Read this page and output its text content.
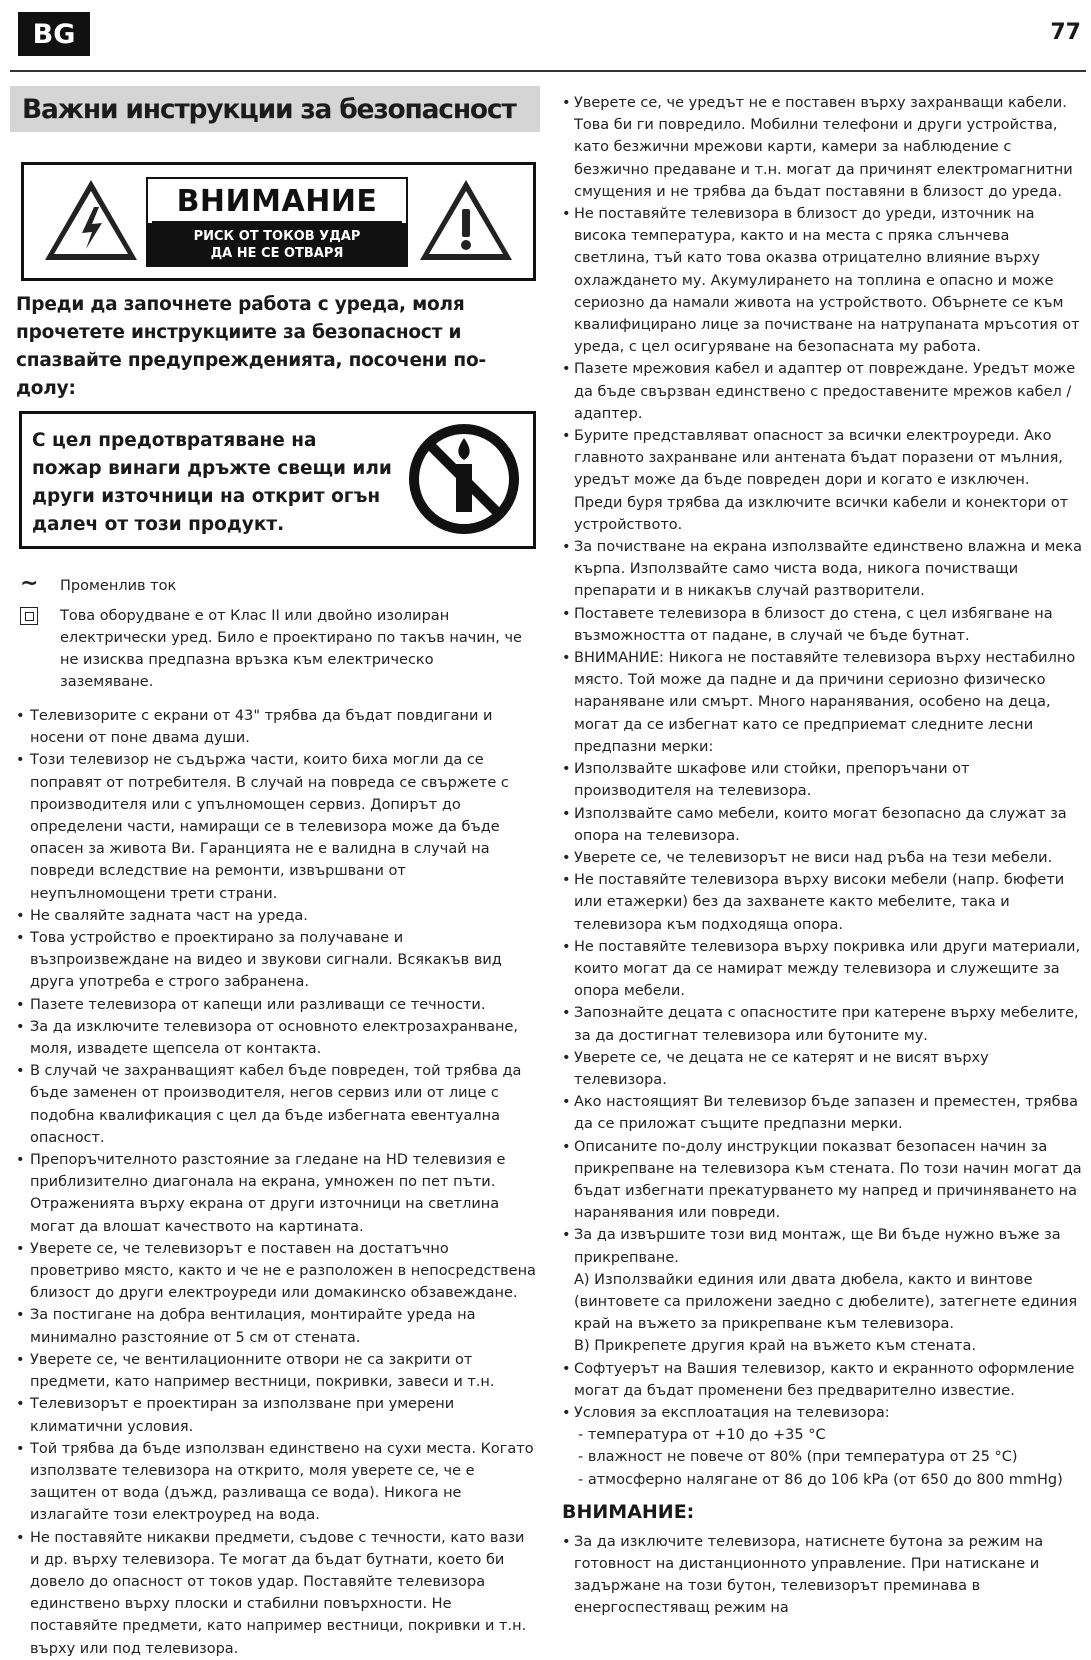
BG	77
Важни инструкции за безопасност
ВНИМАНИЕ
РИСК ОТ ТОКОВ УДАР
ДА НЕ СЕ ОТВАРЯ
Преди да започнете работа с уреда, моля прочетете инструкциите за безопасност и спазвайте предупрежденията, посочени по-долу:
С цел предотвратяване на пожар винаги дръжте свещи или други източници на открит огън далеч от този продукт.
~	Променлив ток
Това оборудване е от Клас II или двойно изолиран електрически уред. Било е проектирано по такъв начин, че не изисква предпазна връзка към електрическо заземяване.
• Телевизорите с екрани от 43" трябва да бъдат повдигани и носени от поне двама души.
• Този телевизор не съдържа части, които биха могли да се поправят от потребителя. В случай на повреда се свържете с производителя или с упълномощен сервиз. Допирът до определени части, намиращи се в телевизора може да бъде опасен за живота Ви. Гаранцията не е валидна в случай на повреди вследствие на ремонти, извършвани от неупълномощени трети страни.
• Не сваляйте задната част на уреда.
• Това устройство е проектирано за получаване и възпроизвеждане на видео и звукови сигнали. Всякакъв вид друга употреба е строго забранена.
• Пазете телевизора от капещи или разливащи се течности.
• За да изключите телевизора от основното електрозахранване, моля, извадете щепсела от контакта.
• В случай че захранващият кабел бъде повреден, той трябва да бъде заменен от производителя, негов сервиз или от лице с подобна квалификация с цел да бъде избегната евентуална опасност.
• Препоръчителното разстояние за гледане на HD телевизия е приблизително диагонала на екрана, умножен по пет пъти. Отраженията върху екрана от други източници на светлина могат да влошат качеството на картината.
• Уверете се, че телевизорът е поставен на достатъчно проветриво място, както и че не е разположен в непосредствена близост до други електроуреди или домакинско обзавеждане.
• За постигане на добра вентилация, монтирайте уреда на минимално разстояние от 5 см от стената.
• Уверете се, че вентилационните отвори не са закрити от предмети, като например вестници, покривки, завеси и т.н.
• Телевизорът е проектиран за използване при умерени климатични условия.
• Той трябва да бъде използван единствено на сухи места. Когато използвате телевизора на открито, моля уверете се, че е защитен от вода (дъжд, разливаща се вода). Никога не излагайте този електроуред на вода.
• Не поставяйте никакви предмети, съдове с течности, като вази и др. върху телевизора. Те могат да бъдат бутнати, което би довело до опасност от токов удар. Поставяйте телевизора единствено върху плоски и стабилни повърхности. Не поставяйте предмети, като например вестници, покривки и т.н. върху или под телевизора.
• Уверете се, че уредът не е поставен върху захранващи кабели. Това би ги повредило. Мобилни телефони и други устройства, като безжични мрежови карти, камери за наблюдение с безжично предаване и т.н. могат да причинят електромагнитни смущения и не трябва да бъдат поставяни в близост до уреда.
• Не поставяйте телевизора в близост до уреди, източник на висока температура, както и на места с пряка слънчева светлина, тъй като това оказва отрицателно влияние върху охлаждането му. Акумулирането на топлина е опасно и може сериозно да намали живота на устройството. Обърнете се към квалифицирано лице за почистване на натрупаната мръсотия от уреда, с цел осигуряване на безопасната му работа.
• Пазете мрежовия кабел и адаптер от повреждане. Уредът може да бъде свързван единствено с предоставените мрежов кабел / адаптер.
• Бурите представляват опасност за всички електроуреди. Ако главното захранване или антената бъдат поразени от мълния, уредът може да бъде повреден дори и когато е изключен. Преди буря трябва да изключите всички кабели и конектори от устройството.
• За почистване на екрана използвайте единствено влажна и мека кърпа. Използвайте само чиста вода, никога почистващи препарати и в никакъв случай разтворители.
• Поставете телевизора в близост до стена, с цел избягване на възможността от падане, в случай че бъде бутнат.
• ВНИМАНИЕ: Никога не поставяйте телевизора върху нестабилно място. Той може да падне и да причини сериозно физическо нараняване или смърт. Много наранявания, особено на деца, могат да се избегнат като се предприемат следните лесни предпазни мерки:
• Използвайте шкафове или стойки, препоръчани от производителя на телевизора.
• Използвайте само мебели, които могат безопасно да служат за опора на телевизора.
• Уверете се, че телевизорът не виси над ръба на тези мебели.
• Не поставяйте телевизора върху високи мебели (напр. бюфети или етажерки) без да захванете както мебелите, така и телевизора към подходяща опора.
• Не поставяйте телевизора върху покривка или други материали, които могат да се намират между телевизора и служещите за опора мебели.
• Запознайте децата с опасностите при катерене върху мебелите, за да достигнат телевизора или бутоните му.
• Уверете се, че децата не се катерят и не висят върху телевизора.
• Ако настоящият Ви телевизор бъде запазен и преместен, трябва да се приложат същите предпазни мерки.
• Описаните по-долу инструкции показват безопасен начин за прикрепване на телевизора към стената. По този начин могат да бъдат избегнати прекатурването му напред и причиняването на наранявания или повреди.
• За да извършите този вид монтаж, ще Ви бъде нужно въже за прикрепване.
A) Използвайки единия или двата дюбела, както и винтове (винтовете са приложени заедно с дюбелите), затегнете единия край на въжето за прикрепване към телевизора.
B) Прикрепете другия край на въжето към стената.
• Софтуерът на Вашия телевизор, както и екранното оформление могат да бъдат променени без предварително известие.
• Условия за експлоатация на телевизора:
- температура от +10 до +35 °C
- влажност не повече от 80% (при температура от 25 °C)
- атмосферно налягане от 86 до 106 kPa (от 650 до 800 mmHg)
ВНИМАНИЕ:
• За да изключите телевизора, натиснете бутона за режим на готовност на дистанционното управление. При натискане и задържане на този бутон, телевизорът преминава в енергоспестяващ режим на
